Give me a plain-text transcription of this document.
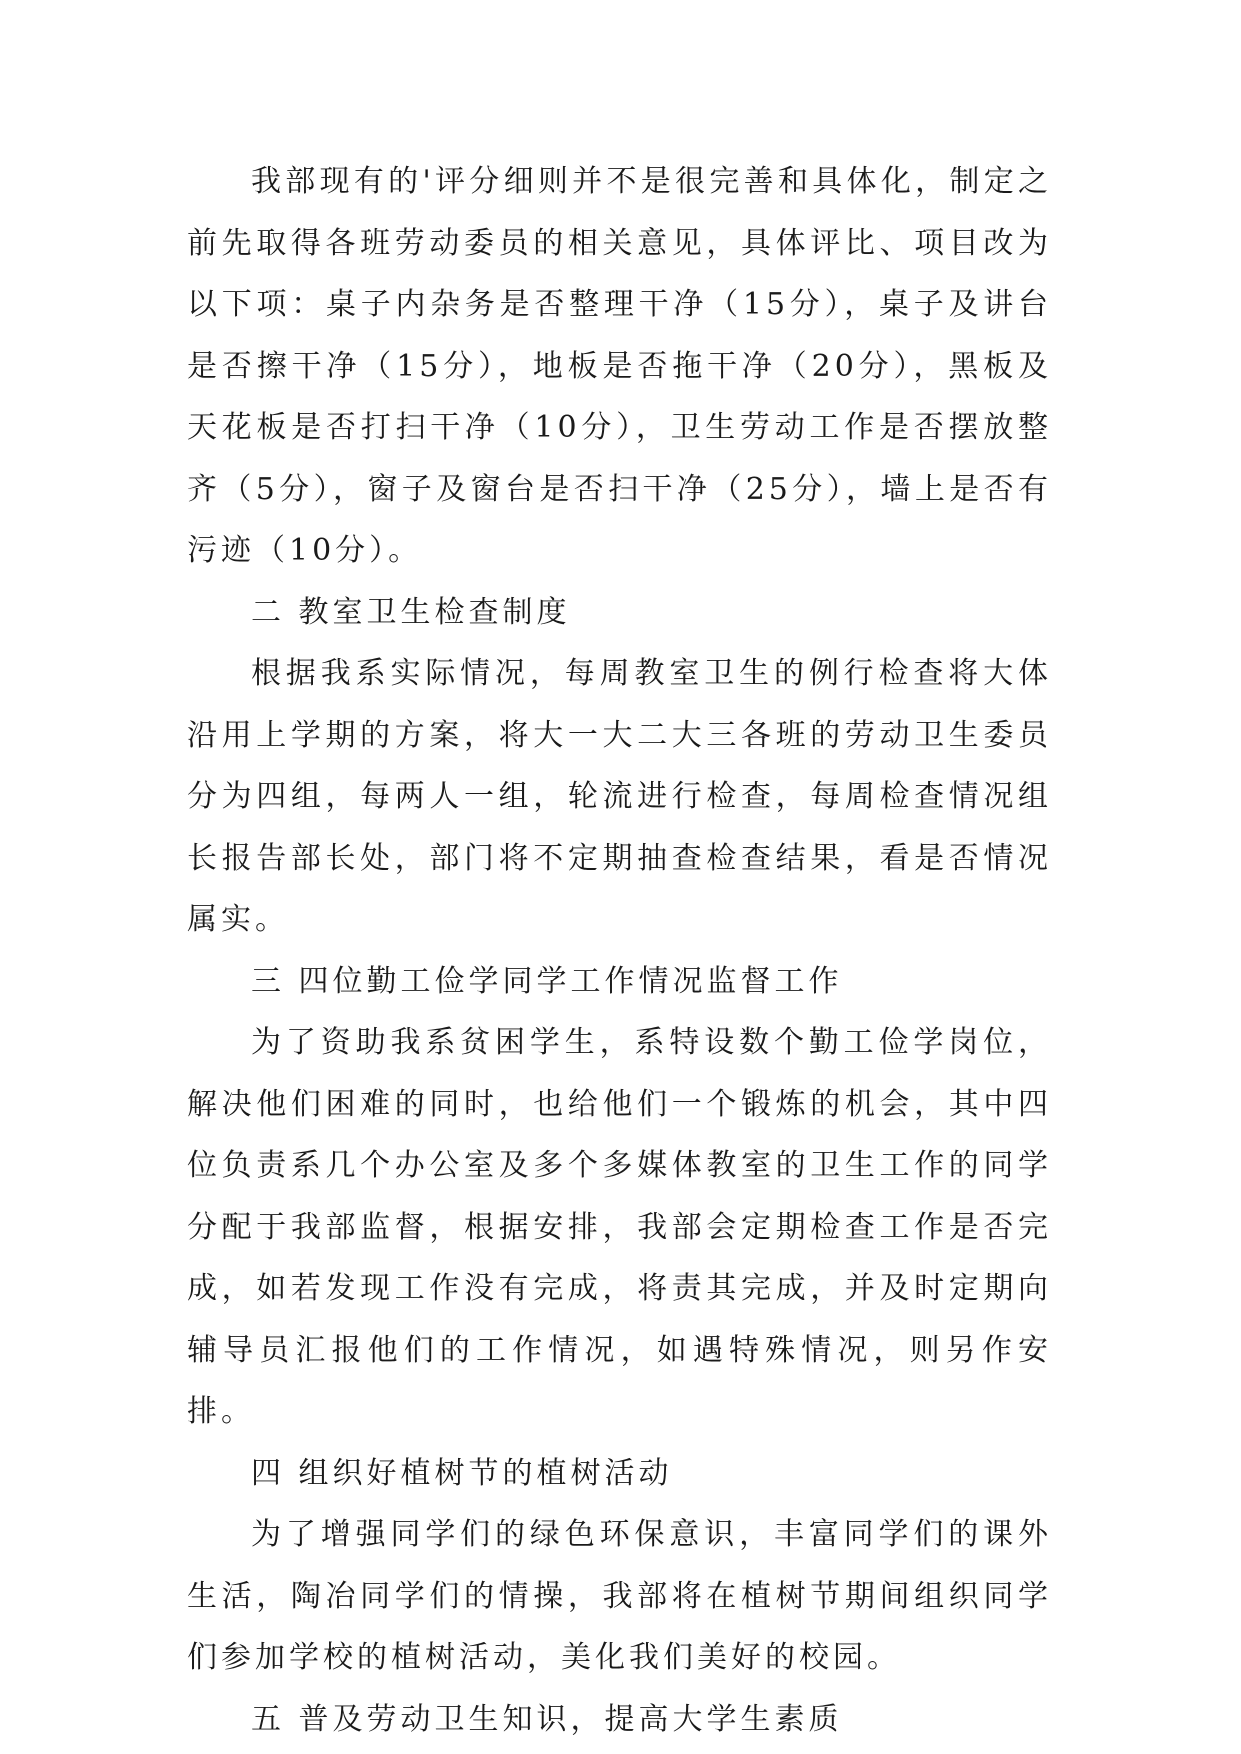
我部现有的'评分细则并不是很完善和具体化，制定之前先取得各班劳动委员的相关意见，具体评比、项目改为以下项：桌子内杂务是否整理干净（15分），桌子及讲台是否擦干净（15分），地板是否拖干净（20分），黑板及天花板是否打扫干净（10分），卫生劳动工作是否摆放整齐（5分），窗子及窗台是否扫干净（25分），墙上是否有污迹（10分）。

二 教室卫生检查制度

根据我系实际情况，每周教室卫生的例行检查将大体沿用上学期的方案，将大一大二大三各班的劳动卫生委员分为四组，每两人一组，轮流进行检查，每周检查情况组长报告部长处，部门将不定期抽查检查结果，看是否情况属实。

三 四位勤工俭学同学工作情况监督工作

为了资助我系贫困学生，系特设数个勤工俭学岗位，解决他们困难的同时，也给他们一个锻炼的机会，其中四位负责系几个办公室及多个多媒体教室的卫生工作的同学分配于我部监督，根据安排，我部会定期检查工作是否完成，如若发现工作没有完成，将责其完成，并及时定期向辅导员汇报他们的工作情况，如遇特殊情况，则另作安排。

四 组织好植树节的植树活动

为了增强同学们的绿色环保意识，丰富同学们的课外生活，陶冶同学们的情操，我部将在植树节期间组织同学们参加学校的植树活动，美化我们美好的校园。

五 普及劳动卫生知识，提高大学生素质
